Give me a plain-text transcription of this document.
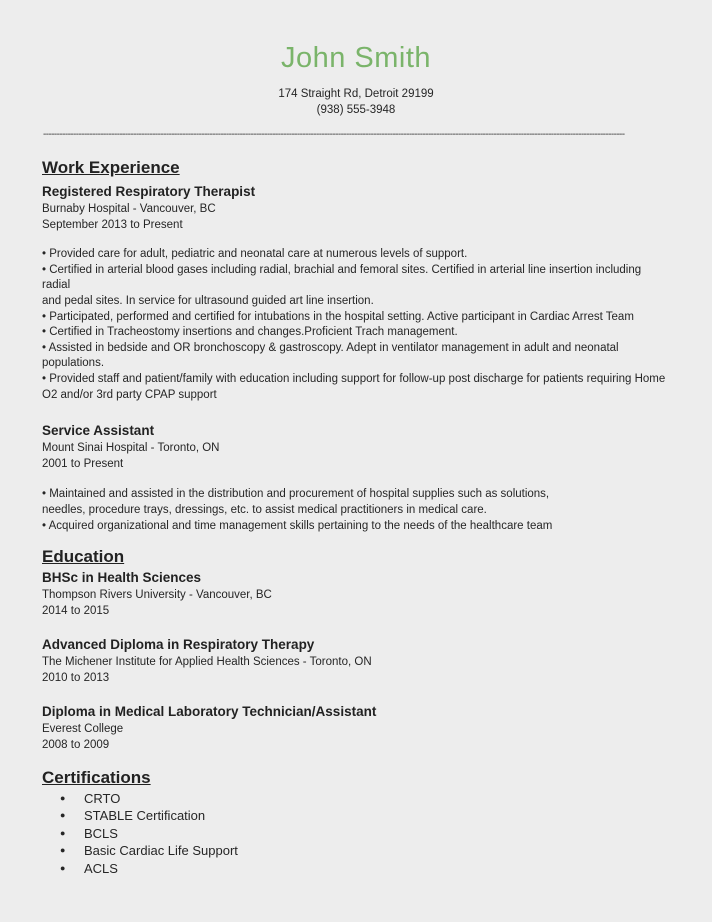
John Smith
174 Straight Rd, Detroit 29199
(938) 555-3948
---------------------------------------------------------------------------------------------------------------------------------------------------------------------------------------------------------------------
Work Experience
Registered Respiratory Therapist
Burnaby Hospital - Vancouver, BC
September 2013 to Present
• Provided care for adult, pediatric and neonatal care at numerous levels of support.
• Certified in arterial blood gases including radial, brachial and femoral sites. Certified in arterial line insertion including radial
and pedal sites. In service for ultrasound guided art line insertion.
• Participated, performed and certified for intubations in the hospital setting. Active participant in Cardiac Arrest Team
• Certified in Tracheostomy insertions and changes.Proficient Trach management.
• Assisted in bedside and OR bronchoscopy & gastroscopy. Adept in ventilator management in adult and neonatal
populations.
• Provided staff and patient/family with education including support for follow-up post discharge for patients requiring Home
O2 and/or 3rd party CPAP support
Service Assistant
Mount Sinai Hospital - Toronto, ON
2001 to Present
• Maintained and assisted in the distribution and procurement of hospital supplies such as solutions,
needles, procedure trays, dressings, etc. to assist medical practitioners in medical care.
• Acquired organizational and time management skills pertaining to the needs of the healthcare team
Education
BHSc in Health Sciences
Thompson Rivers University - Vancouver, BC
2014 to 2015
Advanced Diploma in Respiratory Therapy
The Michener Institute for Applied Health Sciences - Toronto, ON
2010 to 2013
Diploma in Medical Laboratory Technician/Assistant
Everest College
2008 to 2009
Certifications
●	CRTO
●	STABLE Certification
●	BCLS
●	Basic Cardiac Life Support
●	ACLS
